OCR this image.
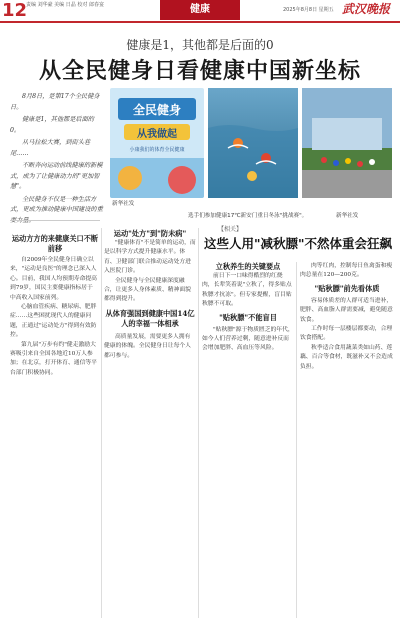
12
责编 刘华豪 美编 日晶 校对 郎春宴	健康	2025年8月8日 星期五 武汉晚报
健康是1，其他都是后面的0
从全民健身日看健康中国新坐标

8月8日，是第17个全民健身日。

健康是1，其他都是后面的0。

从马拉松大赛，到街头巷尾……

不断奔向运动前线健康的新模式，成为了让健康动力的"更加智慧"。

全民健身不仅是一种生活方式，更成为推动健康中国建设的重

全民健身
从我做起
小康我们的体育全民健康
新华社发
选手们参加健康17℃新安门重日冬泳"挑战赛"。	新华社发
运动方方的来健康关口不断前移

自2009年全民健身日确立以来，"运动是良医"的理念已深入人心。目前，我国人均预期寿命提高到79岁，国民主要健康指标居于中高收入国家前列。

心脑血管疾病、糖尿病、肥胖症……这些困扰现代人的健康问题，正通过"运动处方"得到有效防控。

第九届"万步有约"健走激励大赛吸引来自全国各地近10万人参加；在北京，打开体育、通信等平台部门积极协同。

运动"处方"到"防未病"

"健康体育"不是简单的运动，而是以科学方式提升健康水平。体育、卫健部门联合推动运动处方进入医院门诊。

全民健身与全民健康深度融合，让更多人身体素质、精神面貌都得到提升。

从体育强国到健康中国14亿人的幸福一体相承

高质量发展，需要更多人拥有健康的体魄。全民健身日让每个人都可参与。

【相关】
这些人用"减秋膘"不然体重会狂飙
立秋养生的关键要点

前日下一口味得酷烈的红烧肉，长辈笑着说"立秋了，得多贴点秋膘才抗冻"。但专家提醒，盲目贴秋膘不可取。

"贴秋膘"不能盲目

"贴秋膘"源于物质匮乏的年代，如今人们营养过剩，随意进补反而会增加肥胖、高血压等风险。

肉等红肉，控制每日鱼禽蛋和瘦肉总量在120—200克。

"贴秋膘"前先看体质

容易体质差的人群可适当进补，肥胖、高血脂人群需要减，避免随意饮食。

工作时每一层楼层都要动，合理饮食搭配。

秋季适合食用蔬菜类如山药、莲藕、百合等食材，既滋补又不会造成负担。
